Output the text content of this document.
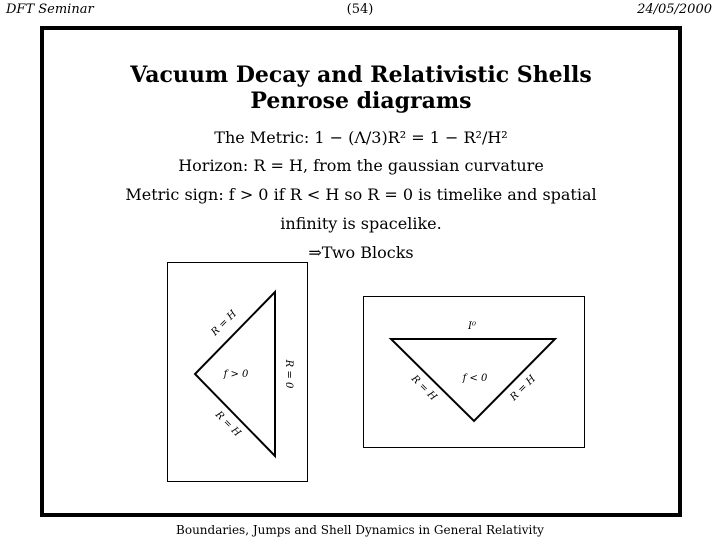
DFT Seminar	(54)	24/05/2000
Vacuum Decay and Relativistic Shells
Penrose diagrams
The Metric: 1 − (Λ/3)R² = 1 − R²/H²
Horizon: R = H, from the gaussian curvature
Metric sign: f > 0 if R < H so R = 0 is timelike and spatial
infinity is spacelike.
⇒Two Blocks
R = H
R = H
R = 0
f > 0
I⁰
R = H	R = H
f < 0
Boundaries, Jumps and Shell Dynamics in General Relativity
